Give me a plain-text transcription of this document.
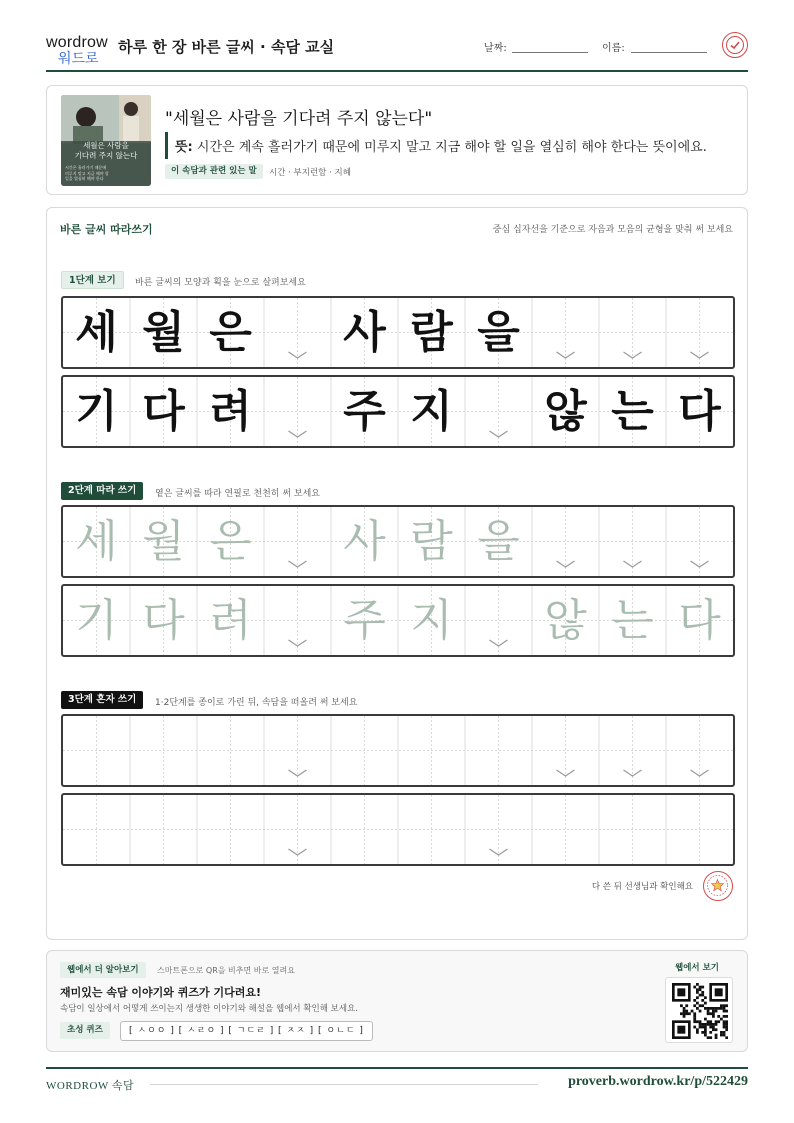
wordrow
워드로
하루 한 장 바른 글씨 · 속담 교실	날짜:	이름:
세월은 사람을
기다려 주지 않는다
시간은 흘러가기 때문에
미루지 말고 지금 해야 할
일을 열심히 해야 한다
"세월은 사람을 기다려 주지 않는다"
뜻: 시간은 계속 흘러가기 때문에 미루지 말고 지금 해야 할 일을 열심히 해야 한다는 뜻이에요.
이 속담과 관련 있는 말	시간 · 부지런함 · 지혜
바른 글씨 따라쓰기	중심 십자선을 기준으로 자음과 모음의 균형을 맞춰 써 보세요
1단계 보기	바른 글씨의 모양과 획을 눈으로 살펴보세요
세 월 은 사 람 을
기 다 려 주 지 않 는 다
2단계 따라 쓰기	옅은 글씨를 따라 연필로 천천히 써 보세요
세 월 은 사 람 을
기 다 려 주 지 않 는 다
3단계 혼자 쓰기	1·2단계를 종이로 가린 뒤, 속담을 떠올려 써 보세요
다 쓴 뒤 선생님과 확인해요
웹에서 더 알아보기	스마트폰으로 QR을 비추면 바로 열려요
재미있는 속담 이야기와 퀴즈가 기다려요!
속담이 일상에서 어떻게 쓰이는지 생생한 이야기와 해설을 웹에서 확인해 보세요.
초성 퀴즈	[ ㅅㅇㅇ ] [ ㅅㄹㅇ ] [ ㄱㄷㄹ ] [ ㅈㅈ ] [ ㅇㄴㄷ ]
웹에서 보기
WORDROW 속담	proverb.wordrow.kr/p/522429
